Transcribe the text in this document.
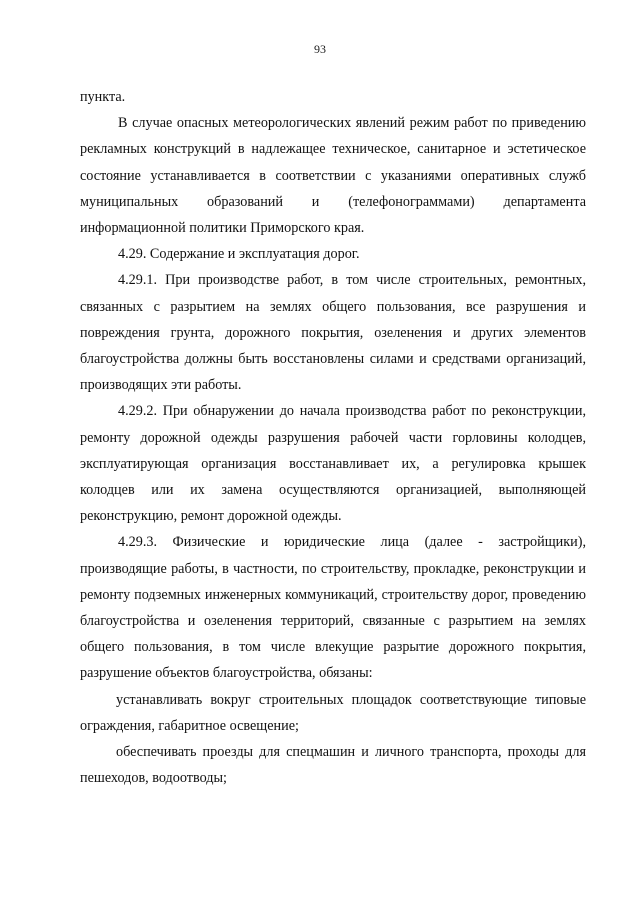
93

пункта.

В случае опасных метеорологических явлений режим работ по приведению рекламных конструкций в надлежащее техническое, санитарное и эстетическое состояние устанавливается в соответствии с указаниями оперативных служб муниципальных образований и (телефонограммами) департамента информационной политики Приморского края.

4.29. Содержание и эксплуатация дорог.

4.29.1. При производстве работ, в том числе строительных, ремонтных, связанных с разрытием на землях общего пользования, все разрушения и повреждения грунта, дорожного покрытия, озеленения и других элементов благоустройства должны быть восстановлены силами и средствами организаций, производящих эти работы.

4.29.2. При обнаружении до начала производства работ по реконструкции, ремонту дорожной одежды разрушения рабочей части горловины колодцев, эксплуатирующая организация восстанавливает их, а регулировка крышек колодцев или их замена осуществляются организацией, выполняющей реконструкцию, ремонт дорожной одежды.

4.29.3. Физические и юридические лица (далее - застройщики), производящие работы, в частности, по строительству, прокладке, реконструкции и ремонту подземных инженерных коммуникаций, строительству дорог, проведению благоустройства и озеленения территорий, связанные с разрытием на землях общего пользования, в том числе влекущие разрытие дорожного покрытия, разрушение объектов благоустройства, обязаны:

устанавливать вокруг строительных площадок соответствующие типовые ограждения, габаритное освещение;

обеспечивать проезды для спецмашин и личного транспорта, проходы для пешеходов, водоотводы;
